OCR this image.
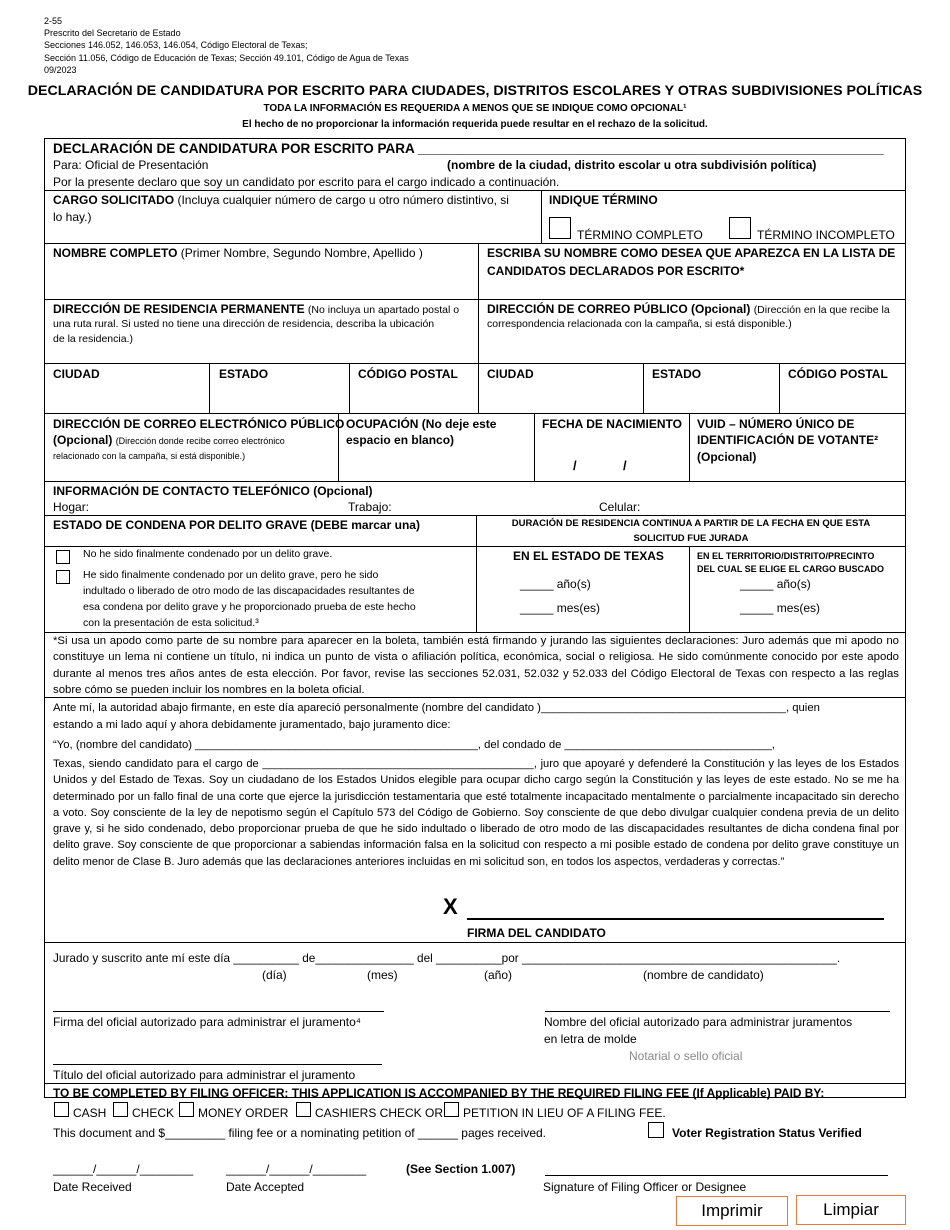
2-55
Prescrito del Secretario de Estado
Secciones 146.052, 146.053, 146.054, Código Electoral de Texas;
Sección 11.056, Código de Educación de Texas; Sección 49.101, Código de Agua de Texas
09/2023
DECLARACIÓN DE CANDIDATURA POR ESCRITO PARA CIUDADES, DISTRITOS ESCOLARES Y OTRAS SUBDIVISIONES POLÍTICAS
TODA LA INFORMACIÓN ES REQUERIDA A MENOS QUE SE INDIQUE COMO OPCIONAL¹
El hecho de no proporcionar la información requerida puede resultar en el rechazo de la solicitud.
DECLARACIÓN DE CANDIDATURA POR ESCRITO PARA ______________________________________________________________
Para: Oficial de Presentación	(nombre de la ciudad, distrito escolar u otra subdivisión política)
Por la presente declaro que soy un candidato por escrito para el cargo indicado a continuación.
CARGO SOLICITADO (Incluya cualquier número de cargo u otro número distintivo, si
lo hay.)
INDIQUE TÉRMINO
TÉRMINO COMPLETO	TÉRMINO INCOMPLETO
NOMBRE COMPLETO (Primer Nombre, Segundo Nombre, Apellido )	ESCRIBA SU NOMBRE COMO DESEA QUE APAREZCA EN LA LISTA DE
CANDIDATOS DECLARADOS POR ESCRITO*
DIRECCIÓN DE RESIDENCIA PERMANENTE (No incluya un apartado postal o
una ruta rural. Si usted no tiene una dirección de residencia, describa la ubicación
de la residencia.)
DIRECCIÓN DE CORREO PÚBLICO (Opcional) (Dirección en la que recibe la
correspondencia relacionada con la campaña, si está disponible.)
CIUDAD	ESTADO	CÓDIGO POSTAL CIUDAD	ESTADO	CÓDIGO POSTAL
DIRECCIÓN DE CORREO ELECTRÓNICO PÚBLICO
(Opcional) (Dirección donde recibe correo electrónico
relacionado con la campaña, si está disponible.)
OCUPACIÓN (No deje este
espacio en blanco)
FECHA DE NACIMIENTO
/	/
VUID – NÚMERO ÚNICO DE
IDENTIFICACIÓN DE VOTANTE²
(Opcional)
INFORMACIÓN DE CONTACTO TELEFÓNICO (Opcional)
Hogar:	Trabajo:	Celular:
ESTADO DE CONDENA POR DELITO GRAVE (DEBE marcar una)	DURACIÓN DE RESIDENCIA CONTINUA A PARTIR DE LA FECHA EN QUE ESTA
SOLICITUD FUE JURADA
No he sido finalmente condenado por un delito grave.
He sido finalmente condenado por un delito grave, pero he sido
indultado o liberado de otro modo de las discapacidades resultantes de
esa condena por delito grave y he proporcionado prueba de este hecho
con la presentación de esta solicitud.³
EN EL ESTADO DE TEXAS
_____ año(s)
_____ mes(es)
EN EL TERRITORIO/DISTRITO/PRECINTO
DEL CUAL SE ELIGE EL CARGO BUSCADO
_____ año(s)
_____ mes(es)
*Si usa un apodo como parte de su nombre para aparecer en la boleta, también está firmando y jurando las siguientes declaraciones: Juro además que mi apodo no constituye un lema ni contiene un título, ni indica un punto de vista o afiliación política, económica, social o religiosa. He sido comúnmente conocido por este apodo durante al menos tres años antes de esta elección. Por favor, revise las secciones 52.031, 52.032 y 52.033 del Código Electoral de Texas con respecto a las reglas sobre cómo se pueden incluir los nombres en la boleta oficial.
Ante mí, la autoridad abajo firmante, en este día apareció personalmente (nombre del candidato )_______________________________________, quien
estando a mi lado aquí y ahora debidamente juramentado, bajo juramento dice:
“Yo, (nombre del candidato) _____________________________________________, del condado de _________________________________,
Texas, siendo candidato para el cargo de ____________________________________________, juro que apoyaré y defenderé la Constitución y las leyes de los Estados Unidos y del Estado de Texas. Soy un ciudadano de los Estados Unidos elegible para ocupar dicho cargo según la Constitución y las leyes de este estado. No se me ha determinado por un fallo final de una corte que ejerce la jurisdicción testamentaria que esté totalmente incapacitado mentalmente o parcialmente incapacitado sin derecho a voto. Soy consciente de la ley de nepotismo según el Capítulo 573 del Código de Gobierno. Soy consciente de que debo divulgar cualquier condena previa de un delito grave y, si he sido condenado, debo proporcionar prueba de que he sido indultado o liberado de otro modo de las discapacidades resultantes de dicha condena final por delito grave. Soy consciente de que proporcionar a sabiendas información falsa en la solicitud con respecto a mi posible estado de condena por delito grave constituye un delito menor de Clase B. Juro además que las declaraciones anteriores incluidas en mi solicitud son, en todos los aspectos, verdaderas y correctas.”
X
FIRMA DEL CANDIDATO
Jurado y suscrito ante mí este día __________ de_______________ del __________por ________________________________________________.
(día)	(mes)	(año)	(nombre de candidato)
Firma del oficial autorizado para administrar el juramento⁴	Nombre del oficial autorizado para administrar juramentos
en letra de molde
Notarial o sello oficial
Título del oficial autorizado para administrar el juramento
TO BE COMPLETED BY FILING OFFICER: THIS APPLICATION IS ACCOMPANIED BY THE REQUIRED FILING FEE (If Applicable) PAID BY:
CASH CHECK MONEY ORDER CASHIERS CHECK OR PETITION IN LIEU OF A FILING FEE.
This document and $_________ filing fee or a nominating petition of ______ pages received.	Voter Registration Status Verified
______/______/________	______/______/________	(See Section 1.007)
Date Received	Date Accepted	Signature of Filing Officer or Designee
Imprimir	Limpiar
